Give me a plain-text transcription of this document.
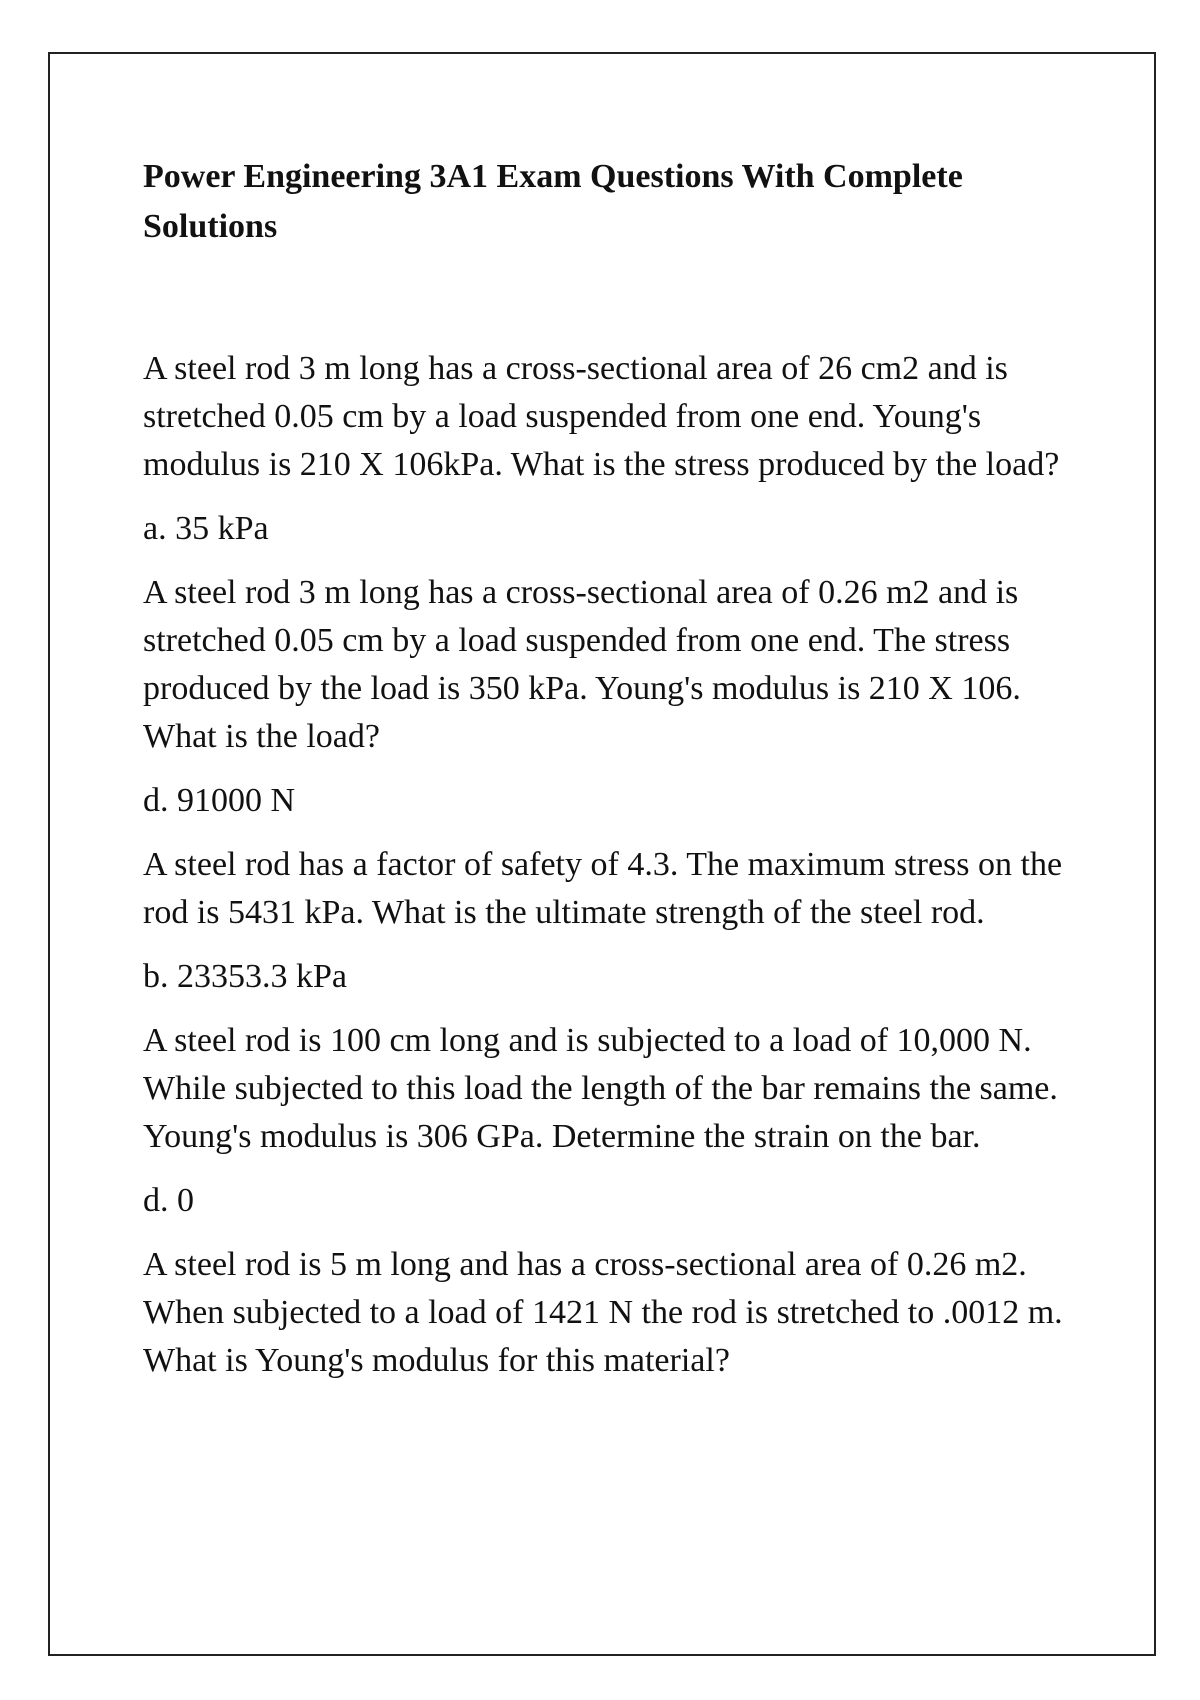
Power Engineering 3A1 Exam Questions With Complete Solutions

A steel rod 3 m long has a cross-sectional area of 26 cm2 and is stretched 0.05 cm by a load suspended from one end. Young's modulus is 210 X 106kPa. What is the stress produced by the load?

a. 35 kPa

A steel rod 3 m long has a cross-sectional area of 0.26 m2 and is stretched 0.05 cm by a load suspended from one end. The stress produced by the load is 350 kPa. Young's modulus is 210 X 106. What is the load?

d. 91000 N

A steel rod has a factor of safety of 4.3. The maximum stress on the rod is 5431 kPa. What is the ultimate strength of the steel rod.

b. 23353.3 kPa

A steel rod is 100 cm long and is subjected to a load of 10,000 N. While subjected to this load the length of the bar remains the same. Young's modulus is 306 GPa. Determine the strain on the bar.

d. 0

A steel rod is 5 m long and has a cross-sectional area of 0.26 m2. When subjected to a load of 1421 N the rod is stretched to .0012 m. What is Young's modulus for this material?
